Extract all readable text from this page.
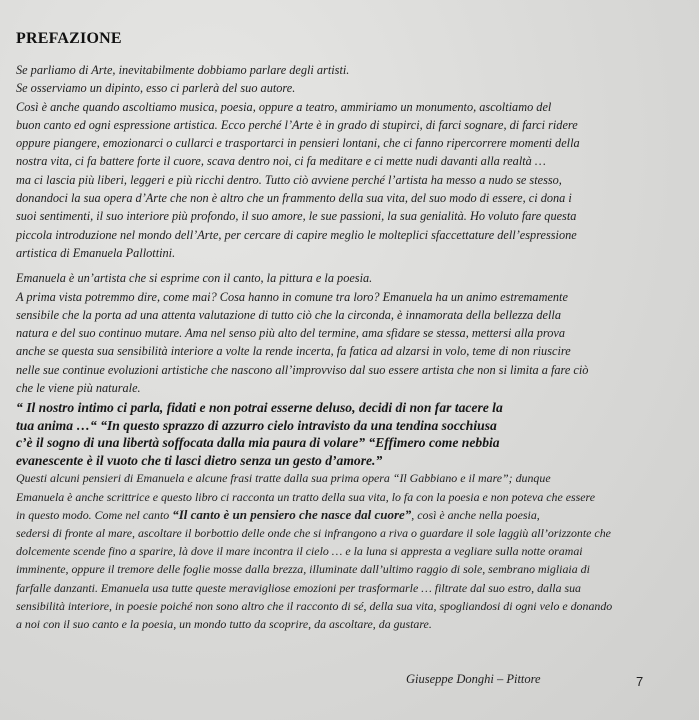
PREFAZIONE

Se parliamo di Arte, inevitabilmente dobbiamo parlare degli artisti.
Se osserviamo un dipinto, esso ci parlerà del suo autore.
Così è anche quando ascoltiamo musica, poesia, oppure a teatro, ammiriamo un monumento, ascoltiamo del
buon canto ed ogni espressione artistica. Ecco perché l’Arte è in grado di stupirci, di farci sognare, di farci ridere
oppure piangere, emozionarci o cullarci e trasportarci in pensieri lontani, che ci fanno ripercorrere momenti della
nostra vita, ci fa battere forte il cuore, scava dentro noi, ci fa meditare e ci mette nudi davanti alla realtà …
ma ci lascia più liberi, leggeri e più ricchi dentro. Tutto ciò avviene perché l’artista ha messo a nudo se stesso,
donandoci la sua opera d’Arte che non è altro che un frammento della sua vita, del suo modo di essere, ci dona i
suoi sentimenti, il suo interiore più profondo, il suo amore, le sue passioni, la sua genialità. Ho voluto fare questa
piccola introduzione nel mondo dell’Arte, per cercare di capire meglio le molteplici sfaccettature dell’espressione
artistica di Emanuela Pallottini.

Emanuela è un’artista che si esprime con il canto, la pittura e la poesia.
A prima vista potremmo dire, come mai? Cosa hanno in comune tra loro? Emanuela ha un animo estremamente
sensibile che la porta ad una attenta valutazione di tutto ciò che la circonda, è innamorata della bellezza della
natura e del suo continuo mutare. Ama nel senso più alto del termine, ama sfidare se stessa, mettersi alla prova
anche se questa sua sensibilità interiore a volte la rende incerta, fa fatica ad alzarsi in volo, teme di non riuscire
nelle sue continue evoluzioni artistiche che nascono all’improvviso dal suo essere artista che non si limita a fare ciò
che le viene più naturale.

“ Il nostro intimo ci parla, fidati e non potrai esserne deluso, decidi di non far tacere la
tua anima …“ “In questo sprazzo di azzurro cielo intravisto da una tendina socchiusa
c’è il sogno di una libertà soffocata dalla mia paura di volare” “Effimero come nebbia
evanescente è il vuoto che ti lasci dietro senza un gesto d’amore.”

Questi alcuni pensieri di Emanuela e alcune frasi tratte dalla sua prima opera “Il Gabbiano e il mare”; dunque
Emanuela è anche scrittrice e questo libro ci racconta un tratto della sua vita, lo fa con la poesia e non poteva che essere
in questo modo. Come nel canto “Il canto è un pensiero che nasce dal cuore”, così è anche nella poesia,
sedersi di fronte al mare, ascoltare il borbottio delle onde che si infrangono a riva o guardare il sole laggiù all’orizzonte che
dolcemente scende fino a sparire, là dove il mare incontra il cielo … e la luna si appresta a vegliare sulla notte oramai
imminente, oppure il tremore delle foglie mosse dalla brezza, illuminate dall’ultimo raggio di sole, sembrano migliaia di
farfalle danzanti. Emanuela usa tutte queste meravigliose emozioni per trasformarle … filtrate dal suo estro, dalla sua
sensibilità interiore, in poesie poiché non sono altro che il racconto di sé, della sua vita, spogliandosi di ogni velo e donando
a noi con il suo canto e la poesia, un mondo tutto da scoprire, da ascoltare, da gustare.

Giuseppe Donghi – Pittore	7
